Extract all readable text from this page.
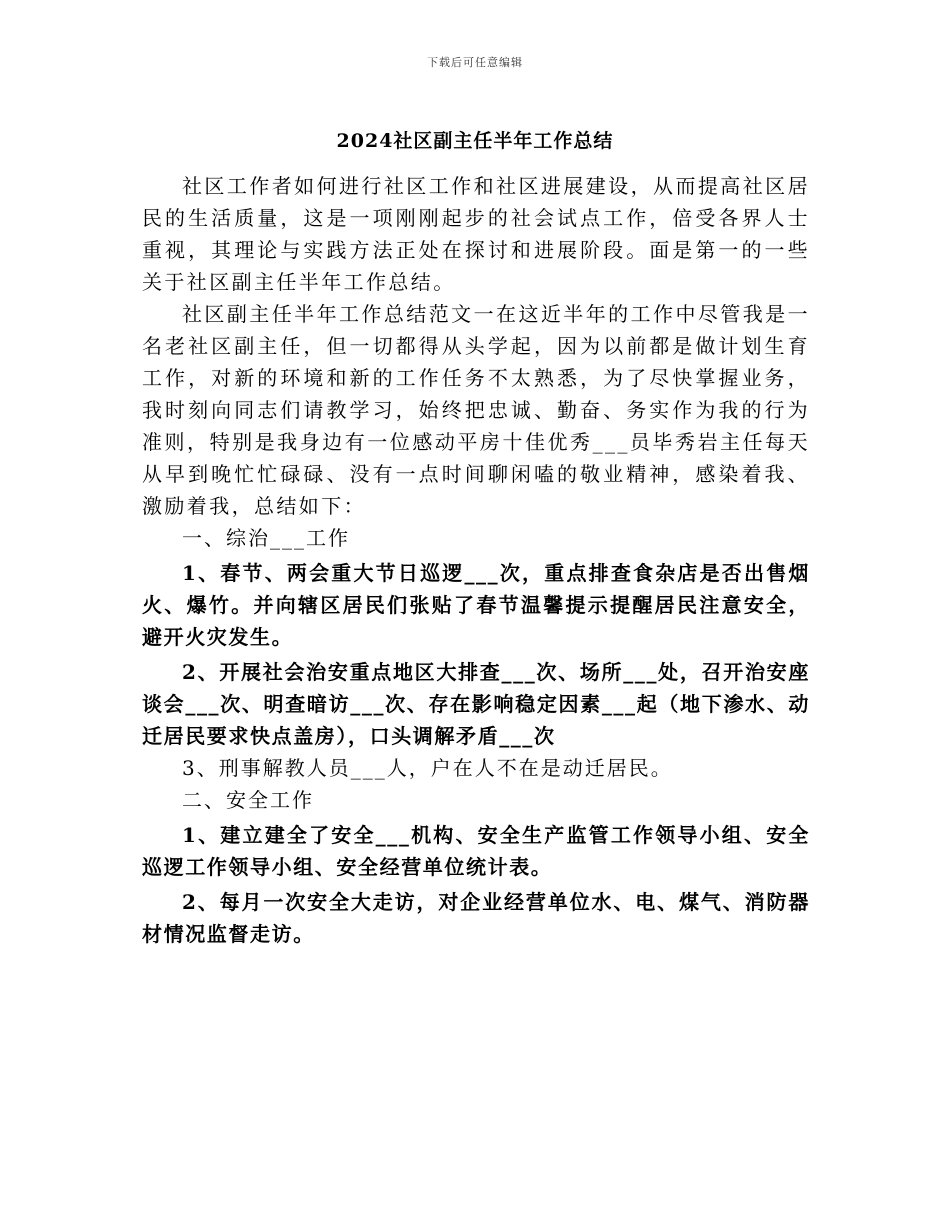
下载后可任意编辑
2024社区副主任半年工作总结

社区工作者如何进行社区工作和社区进展建设，从而提高社区居民的生活质量，这是一项刚刚起步的社会试点工作，倍受各界人士重视，其理论与实践方法正处在探讨和进展阶段。面是第一的一些关于社区副主任半年工作总结。

社区副主任半年工作总结范文一在这近半年的工作中尽管我是一名老社区副主任，但一切都得从头学起，因为以前都是做计划生育工作，对新的环境和新的工作任务不太熟悉，为了尽快掌握业务，我时刻向同志们请教学习，始终把忠诚、勤奋、务实作为我的行为准则，特别是我身边有一位感动平房十佳优秀___员毕秀岩主任每天从早到晚忙忙碌碌、没有一点时间聊闲嗑的敬业精神，感染着我、激励着我，总结如下：

一、综治___工作

1、春节、两会重大节日巡逻___次，重点排查食杂店是否出售烟火、爆竹。并向辖区居民们张贴了春节温馨提示提醒居民注意安全，避开火灾发生。

2、开展社会治安重点地区大排查___次、场所___处，召开治安座谈会___次、明查暗访___次、存在影响稳定因素___起（地下渗水、动迁居民要求快点盖房），口头调解矛盾___次

3、刑事解教人员___人，户在人不在是动迁居民。

二、安全工作

1、建立建全了安全___机构、安全生产监管工作领导小组、安全巡逻工作领导小组、安全经营单位统计表。

2、每月一次安全大走访，对企业经营单位水、电、煤气、消防器材情况监督走访。
